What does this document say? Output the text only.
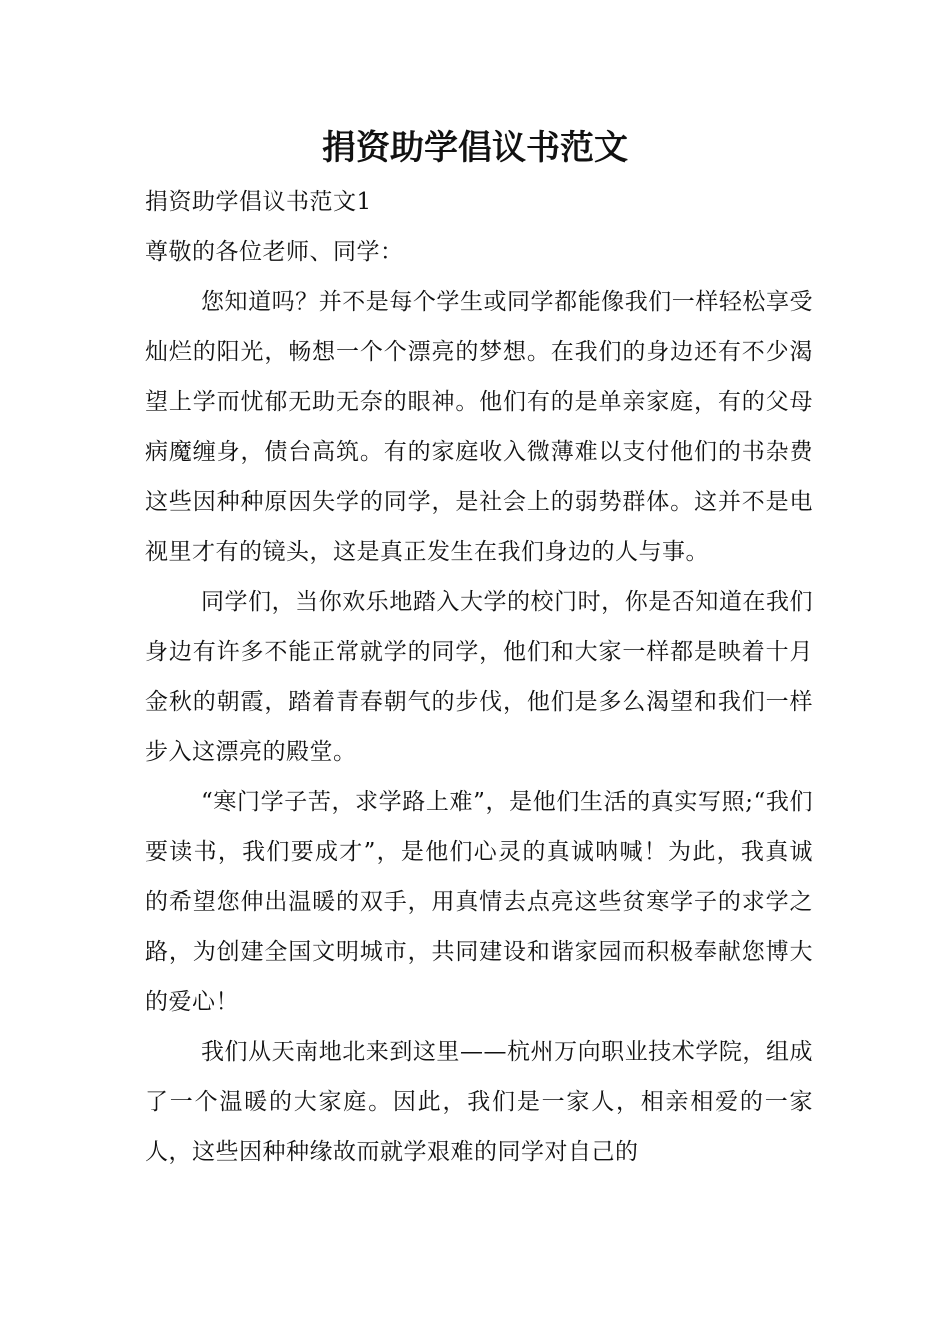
捐资助学倡议书范文

捐资助学倡议书范文1

尊敬的各位老师、同学：

您知道吗？并不是每个学生或同学都能像我们一样轻松享受灿烂的阳光，畅想一个个漂亮的梦想。在我们的身边还有不少渴望上学而忧郁无助无奈的眼神。他们有的是单亲家庭，有的父母病魔缠身，债台高筑。有的家庭收入微薄难以支付他们的书杂费这些因种种原因失学的同学，是社会上的弱势群体。这并不是电视里才有的镜头，这是真正发生在我们身边的人与事。

同学们，当你欢乐地踏入大学的校门时，你是否知道在我们身边有许多不能正常就学的同学，他们和大家一样都是映着十月金秋的朝霞，踏着青春朝气的步伐，他们是多么渴望和我们一样步入这漂亮的殿堂。

“寒门学子苦，求学路上难”，是他们生活的真实写照;“我们要读书，我们要成才”，是他们心灵的真诚呐喊！为此，我真诚的希望您伸出温暖的双手，用真情去点亮这些贫寒学子的求学之路，为创建全国文明城市，共同建设和谐家园而积极奉献您博大的爱心！

我们从天南地北来到这里——杭州万向职业技术学院，组成了一个温暖的大家庭。因此，我们是一家人，相亲相爱的一家人，这些因种种缘故而就学艰难的同学对自己的
